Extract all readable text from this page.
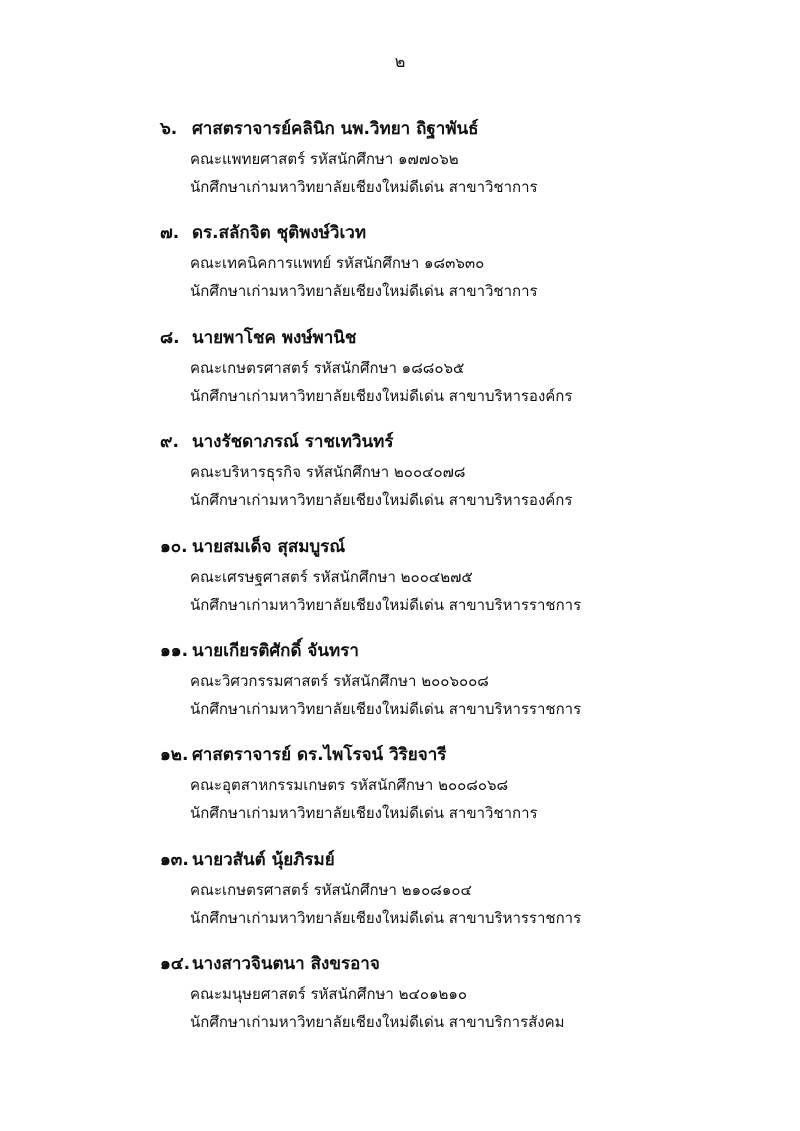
๒
๖. ศาสตราจารย์คลินิก นพ.วิทยา ถิฐาพันธ์
คณะแพทยศาสตร์ รหัสนักศึกษา ๑๗๗๐๖๒
นักศึกษาเก่ามหาวิทยาลัยเชียงใหม่ดีเด่น สาขาวิชาการ
๗. ดร.สลักจิต ชุติพงษ์วิเวท
คณะเทคนิคการแพทย์ รหัสนักศึกษา ๑๘๓๖๓๐
นักศึกษาเก่ามหาวิทยาลัยเชียงใหม่ดีเด่น สาขาวิชาการ
๘. นายพาโชค พงษ์พานิช
คณะเกษตรศาสตร์ รหัสนักศึกษา ๑๘๘๐๖๕
นักศึกษาเก่ามหาวิทยาลัยเชียงใหม่ดีเด่น สาขาบริหารองค์กร
๙. นางรัชดาภรณ์ ราชเทวินทร์
คณะบริหารธุรกิจ รหัสนักศึกษา ๒๐๐๔๐๗๘
นักศึกษาเก่ามหาวิทยาลัยเชียงใหม่ดีเด่น สาขาบริหารองค์กร
๑๐. นายสมเด็จ สุสมบูรณ์
คณะเศรษฐศาสตร์ รหัสนักศึกษา ๒๐๐๔๒๗๕
นักศึกษาเก่ามหาวิทยาลัยเชียงใหม่ดีเด่น สาขาบริหารราชการ
๑๑. นายเกียรติศักดิ์ จันทรา
คณะวิศวกรรมศาสตร์ รหัสนักศึกษา ๒๐๐๖๐๐๘
นักศึกษาเก่ามหาวิทยาลัยเชียงใหม่ดีเด่น สาขาบริหารราชการ
๑๒. ศาสตราจารย์ ดร.ไพโรจน์ วิริยจารี
คณะอุตสาหกรรมเกษตร รหัสนักศึกษา ๒๐๐๘๐๖๘
นักศึกษาเก่ามหาวิทยาลัยเชียงใหม่ดีเด่น สาขาวิชาการ
๑๓. นายวสันต์ นุ้ยภิรมย์
คณะเกษตรศาสตร์ รหัสนักศึกษา ๒๑๐๘๑๐๔
นักศึกษาเก่ามหาวิทยาลัยเชียงใหม่ดีเด่น สาขาบริหารราชการ
๑๔. นางสาวจินตนา สิงขรอาจ
คณะมนุษยศาสตร์ รหัสนักศึกษา ๒๔๐๑๒๑๐
นักศึกษาเก่ามหาวิทยาลัยเชียงใหม่ดีเด่น สาขาบริการสังคม
